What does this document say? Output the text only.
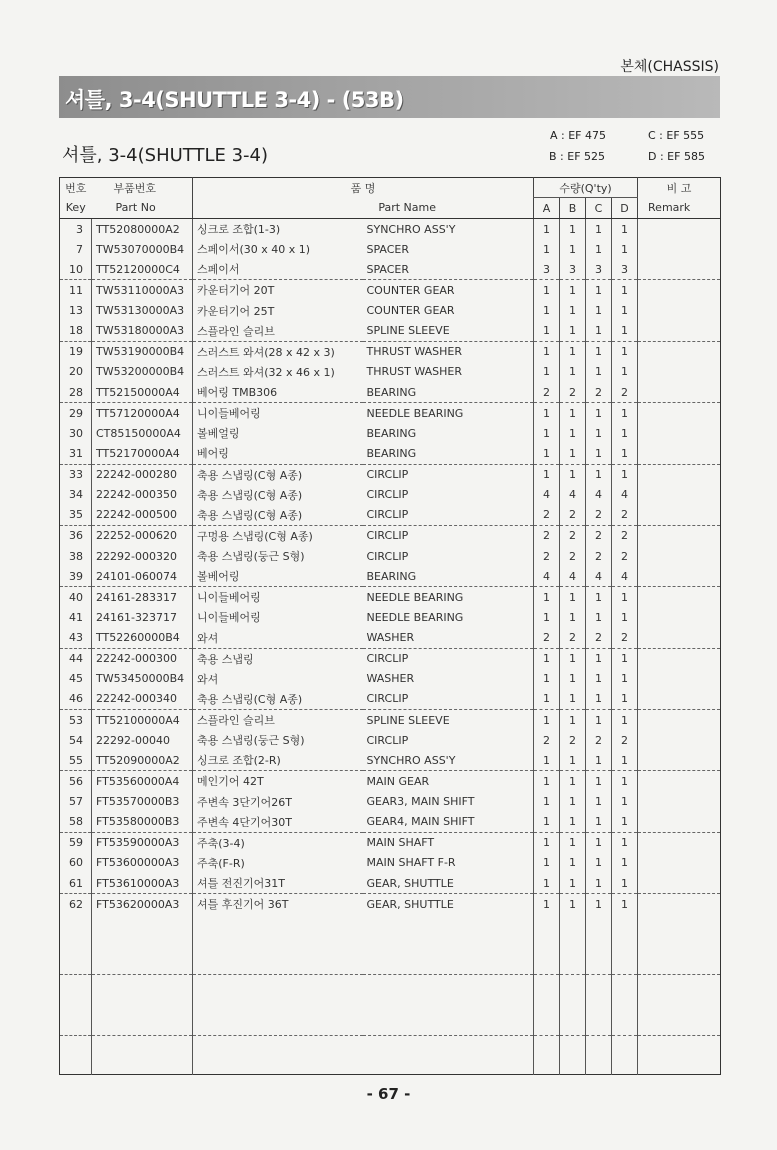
본체(CHASSIS)
셔틀, 3-4(SHUTTLE 3-4) - (53B)
셔틀, 3-4(SHUTTLE 3-4)
A : EF 475
B : EF 525
C : EF 555
D : EF 585
번호	부품번호	품 명		수량(Q'ty)				비 고
Key	Part No	Part Name		A	B	C	D	Remark
3	TT52080000A2	싱크로 조합(1-3)	SYNCHRO ASS'Y	1	1	1	1	
7	TW53070000B4	스페이서(30 x 40 x 1)	SPACER	1	1	1	1	
10	TT52120000C4	스페이서	SPACER	3	3	3	3	
11	TW53110000A3	카운터기어 20T	COUNTER GEAR	1	1	1	1	
13	TW53130000A3	카운터기어 25T	COUNTER GEAR	1	1	1	1	
18	TW53180000A3	스플라인 슬리브	SPLINE SLEEVE	1	1	1	1	
19	TW53190000B4	스러스트 와셔(28 x 42 x 3)	THRUST WASHER	1	1	1	1	
20	TW53200000B4	스러스트 와셔(32 x 46 x 1)	THRUST WASHER	1	1	1	1	
28	TT52150000A4	베어링 TMB306	BEARING	2	2	2	2	
29	TT57120000A4	니이들베어링	NEEDLE BEARING	1	1	1	1	
30	CT85150000A4	볼베얼링	BEARING	1	1	1	1	
31	TT52170000A4	베어링	BEARING	1	1	1	1	
33	22242-000280	축용 스냅링(C형 A종)	CIRCLIP	1	1	1	1	
34	22242-000350	축용 스냅링(C형 A종)	CIRCLIP	4	4	4	4	
35	22242-000500	축용 스냅링(C형 A종)	CIRCLIP	2	2	2	2	
36	22252-000620	구멍용 스냅링(C형 A종)	CIRCLIP	2	2	2	2	
38	22292-000320	축용 스냅링(둥근 S형)	CIRCLIP	2	2	2	2	
39	24101-060074	볼베어링	BEARING	4	4	4	4	
40	24161-283317	니이들베어링	NEEDLE BEARING	1	1	1	1	
41	24161-323717	니이들베어링	NEEDLE BEARING	1	1	1	1	
43	TT52260000B4	와셔	WASHER	2	2	2	2	
44	22242-000300	축용 스냅링	CIRCLIP	1	1	1	1	
45	TW53450000B4	와셔	WASHER	1	1	1	1	
46	22242-000340	축용 스냅링(C형 A종)	CIRCLIP	1	1	1	1	
53	TT52100000A4	스플라인 슬리브	SPLINE SLEEVE	1	1	1	1	
54	22292-00040	축용 스냅링(둥근 S형)	CIRCLIP	2	2	2	2	
55	TT52090000A2	싱크로 조합(2-R)	SYNCHRO ASS'Y	1	1	1	1	
56	FT53560000A4	메인기어 42T	MAIN GEAR	1	1	1	1	
57	FT53570000B3	주변속 3단기어26T	GEAR3, MAIN SHIFT	1	1	1	1	
58	FT53580000B3	주변속 4단기어30T	GEAR4, MAIN SHIFT	1	1	1	1	
59	FT53590000A3	주축(3-4)	MAIN SHAFT	1	1	1	1	
60	FT53600000A3	주축(F-R)	MAIN SHAFT F-R	1	1	1	1	
61	FT53610000A3	셔틀 전진기어31T	GEAR, SHUTTLE	1	1	1	1	
62	FT53620000A3	셔틀 후진기어 36T	GEAR, SHUTTLE	1	1	1	1	

- 67 -
